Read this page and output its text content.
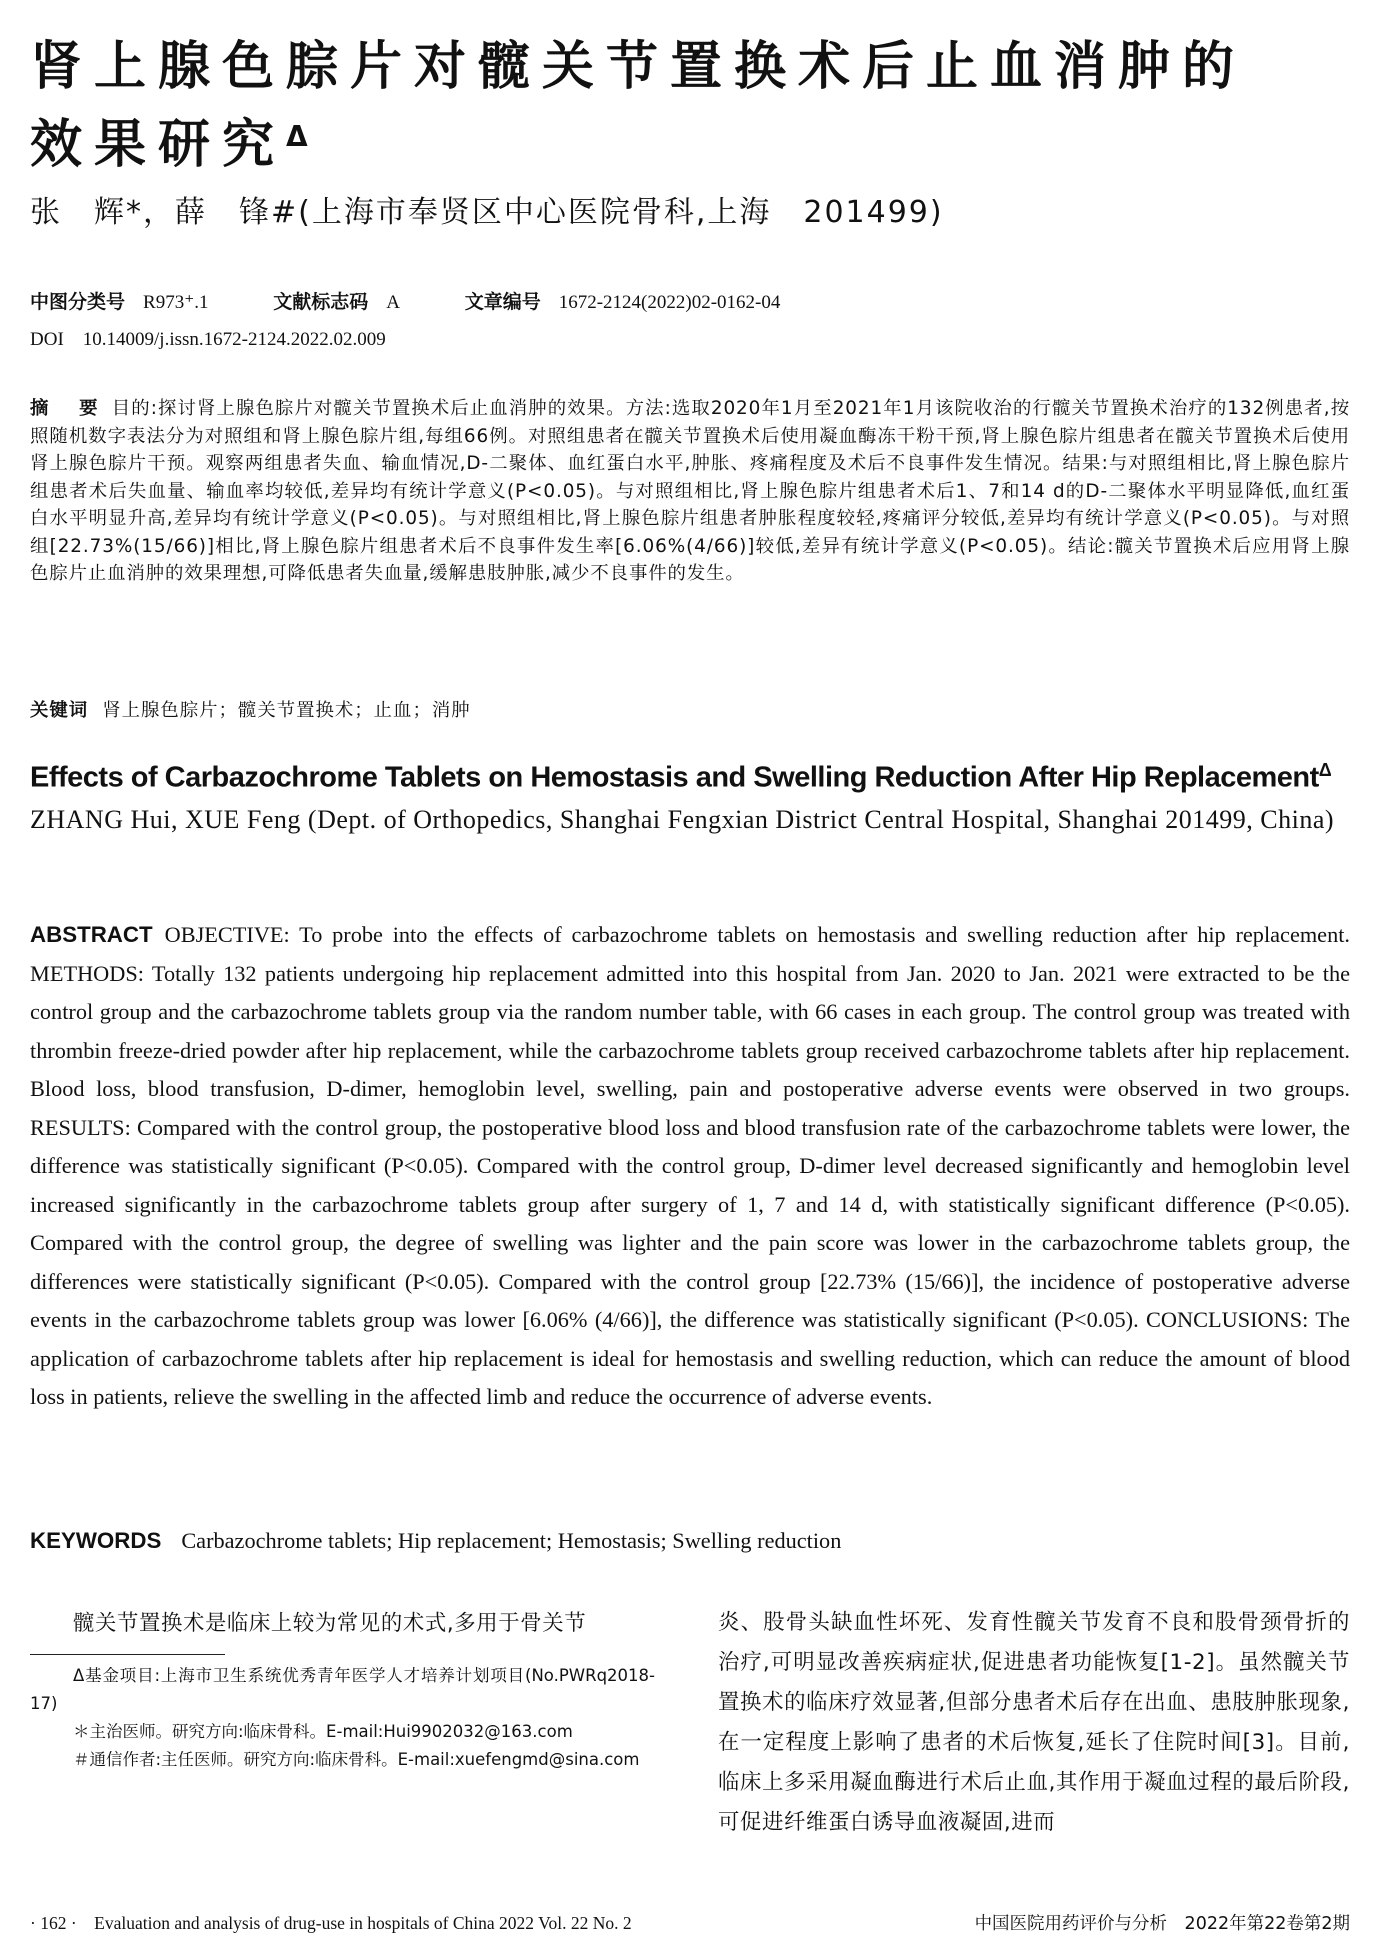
肾上腺色腙片对髋关节置换术后止血消肿的
效果研究$^\Delta$
张　辉*，薛　锋#(上海市奉贤区中心医院骨科,上海　201499)
中图分类号 R973⁺.1	文献标志码 A	文章编号 1672-2124(2022)02-0162-04
DOI　10.14009/j.issn.1672-2124.2022.02.009
摘　要 目的:探讨肾上腺色腙片对髋关节置换术后止血消肿的效果。方法:选取2020年1月至2021年1月该院收治的行髋关节置换术治疗的132例患者,按照随机数字表法分为对照组和肾上腺色腙片组,每组66例。对照组患者在髋关节置换术后使用凝血酶冻干粉干预,肾上腺色腙片组患者在髋关节置换术后使用肾上腺色腙片干预。观察两组患者失血、输血情况,D-二聚体、血红蛋白水平,肿胀、疼痛程度及术后不良事件发生情况。结果:与对照组相比,肾上腺色腙片组患者术后失血量、输血率均较低,差异均有统计学意义(P<0.05)。与对照组相比,肾上腺色腙片组患者术后1、7和14 d的D-二聚体水平明显降低,血红蛋白水平明显升高,差异均有统计学意义(P<0.05)。与对照组相比,肾上腺色腙片组患者肿胀程度较轻,疼痛评分较低,差异均有统计学意义(P<0.05)。与对照组[22.73%(15/66)]相比,肾上腺色腙片组患者术后不良事件发生率[6.06%(4/66)]较低,差异有统计学意义(P<0.05)。结论:髋关节置换术后应用肾上腺色腙片止血消肿的效果理想,可降低患者失血量,缓解患肢肿胀,减少不良事件的发生。
关键词 肾上腺色腙片；髋关节置换术；止血；消肿
Effects of Carbazochrome Tablets on Hemostasis and Swelling Reduction After Hip Replacement$^\Delta$
ZHANG Hui, XUE Feng (Dept. of Orthopedics, Shanghai Fengxian District Central Hospital, Shanghai 201499, China)
ABSTRACT OBJECTIVE: To probe into the effects of carbazochrome tablets on hemostasis and swelling reduction after hip replacement. METHODS: Totally 132 patients undergoing hip replacement admitted into this hospital from Jan. 2020 to Jan. 2021 were extracted to be the control group and the carbazochrome tablets group via the random number table, with 66 cases in each group. The control group was treated with thrombin freeze-dried powder after hip replacement, while the carbazochrome tablets group received carbazochrome tablets after hip replacement. Blood loss, blood transfusion, D-dimer, hemoglobin level, swelling, pain and postoperative adverse events were observed in two groups. RESULTS: Compared with the control group, the postoperative blood loss and blood transfusion rate of the carbazochrome tablets were lower, the difference was statistically significant (P<0.05). Compared with the control group, D-dimer level decreased significantly and hemoglobin level increased significantly in the carbazochrome tablets group after surgery of 1, 7 and 14 d, with statistically significant difference (P<0.05). Compared with the control group, the degree of swelling was lighter and the pain score was lower in the carbazochrome tablets group, the differences were statistically significant (P<0.05). Compared with the control group [22.73% (15/66)], the incidence of postoperative adverse events in the carbazochrome tablets group was lower [6.06% (4/66)], the difference was statistically significant (P<0.05). CONCLUSIONS: The application of carbazochrome tablets after hip replacement is ideal for hemostasis and swelling reduction, which can reduce the amount of blood loss in patients, relieve the swelling in the affected limb and reduce the occurrence of adverse events.
KEYWORDS Carbazochrome tablets; Hip replacement; Hemostasis; Swelling reduction
髋关节置换术是临床上较为常见的术式,多用于骨关节
Δ基金项目:上海市卫生系统优秀青年医学人才培养计划项目(No.PWRq2018-17)
＊主治医师。研究方向:临床骨科。E-mail:Hui9902032@163.com
＃通信作者:主任医师。研究方向:临床骨科。E-mail:xuefengmd@sina.com
炎、股骨头缺血性坏死、发育性髋关节发育不良和股骨颈骨折的治疗,可明显改善疾病症状,促进患者功能恢复[1-2]。虽然髋关节置换术的临床疗效显著,但部分患者术后存在出血、患肢肿胀现象,在一定程度上影响了患者的术后恢复,延长了住院时间[3]。目前,临床上多采用凝血酶进行术后止血,其作用于凝血过程的最后阶段,可促进纤维蛋白诱导血液凝固,进而
· 162 ·　Evaluation and analysis of drug-use in hospitals of China 2022 Vol. 22 No. 2	中国医院用药评价与分析　2022年第22卷第2期
